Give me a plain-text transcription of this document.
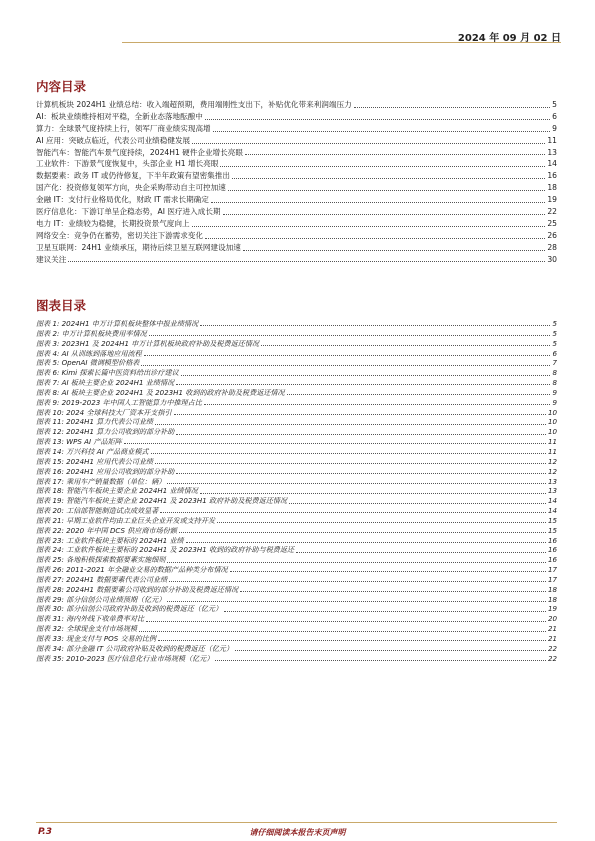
2024 年 09 月 02 日
内容目录
计算机板块 2024H1 业绩总结：收入端超预期，费用端刚性支出下，补贴优化带来利润端压力	5
AI：板块业绩维持相对平稳，全新业态落地酝酿中	6
算力：全球景气度持续上行，领军厂商业绩实现高增	9
AI 应用：突破点临近，代表公司业绩稳健发展	11
智能汽车：智能汽车景气度持续，2024H1 硬件企业增长亮眼	13
工业软件：下游景气度恢复中，头部企业 H1 增长亮眼	14
数据要素：政务 IT 或仍待修复，下半年政策有望密集推出	16
国产化：投资修复领军方向，央企采购带动自主可控加速	18
金融 IT：支付行业格局优化，财政 IT 需求长期确定	19
医疗信息化：下游订单呈企稳态势，AI 医疗进入成长期	22
电力 IT：业绩较为稳健，长期投资景气度向上	25
网络安全：竞争仍在蓄势，密切关注下游需求变化	26
卫星互联网：24H1 业绩承压，期待后续卫星互联网建设加速	28
建议关注	30
图表目录
图表 1: 2024H1 申万计算机板块整体中报业绩情况	5
图表 2: 申万计算机板块费用率情况	5
图表 3: 2023H1 及 2024H1 申万计算机板块政府补助及税费返还情况	5
图表 4: AI 从训练到落地应用流程	6
图表 5: OpenAI 微调模型价格表	7
图表 6: Kimi 探索长篇中医资料给出诊疗建议	8
图表 7: AI 板块主要企业 2024H1 业绩情况	8
图表 8: AI 板块主要企业 2024H1 及 2023H1 收到的政府补助及税费返还情况	9
图表 9: 2019-2023 年中国人工智能算力中推理占比	9
图表 10: 2024 全球科技大厂资本开支指引	10
图表 11: 2024H1 算力代表公司业绩	10
图表 12: 2024H1 算力公司收到的部分补助	10
图表 13: WPS AI 产品矩阵	11
图表 14: 万兴科技 AI 产品商业模式	11
图表 15: 2024H1 应用代表公司业绩	12
图表 16: 2024H1 应用公司收到的部分补助	12
图表 17: 乘用车产销量数据（单位：辆）	13
图表 18: 智能汽车板块主要企业 2024H1 业绩情况	13
图表 19: 智能汽车板块主要企业 2024H1 及 2023H1 政府补助及税费返还情况	14
图表 20: 工信部智能制造试点成效显著	14
图表 21: 早期工业软件均由工业巨头企业开发或支持开发	15
图表 22: 2020 年中国 DCS 供应商市场份额	15
图表 23: 工业软件板块主要标的 2024H1 业绩	16
图表 24: 工业软件板块主要标的 2024H1 及 2023H1 收到的政府补助与税费返还	16
图表 25: 各地积极探索数据要素实施细则	16
图表 26: 2011-2021 年全融业交易的数据产品种类分布情况	17
图表 27: 2024H1 数据要素代表公司业绩	17
图表 28: 2024H1 数据要素公司收到的部分补助及税费返还情况	18
图表 29: 部分信创公司业绩预期（亿元）	18
图表 30: 部分信创公司政府补助及收到的税费返还（亿元）	19
图表 31: 海内外线下收单费率对比	20
图表 32: 全球现金支付市场规模	21
图表 33: 现金支付与 POS 交易的比例	21
图表 34: 部分金融 IT 公司政府补贴及收到的税费返还（亿元）	22
图表 35: 2010-2023 医疗信息化行业市场规模（亿元）	22
P.3	请仔细阅读本报告末页声明
